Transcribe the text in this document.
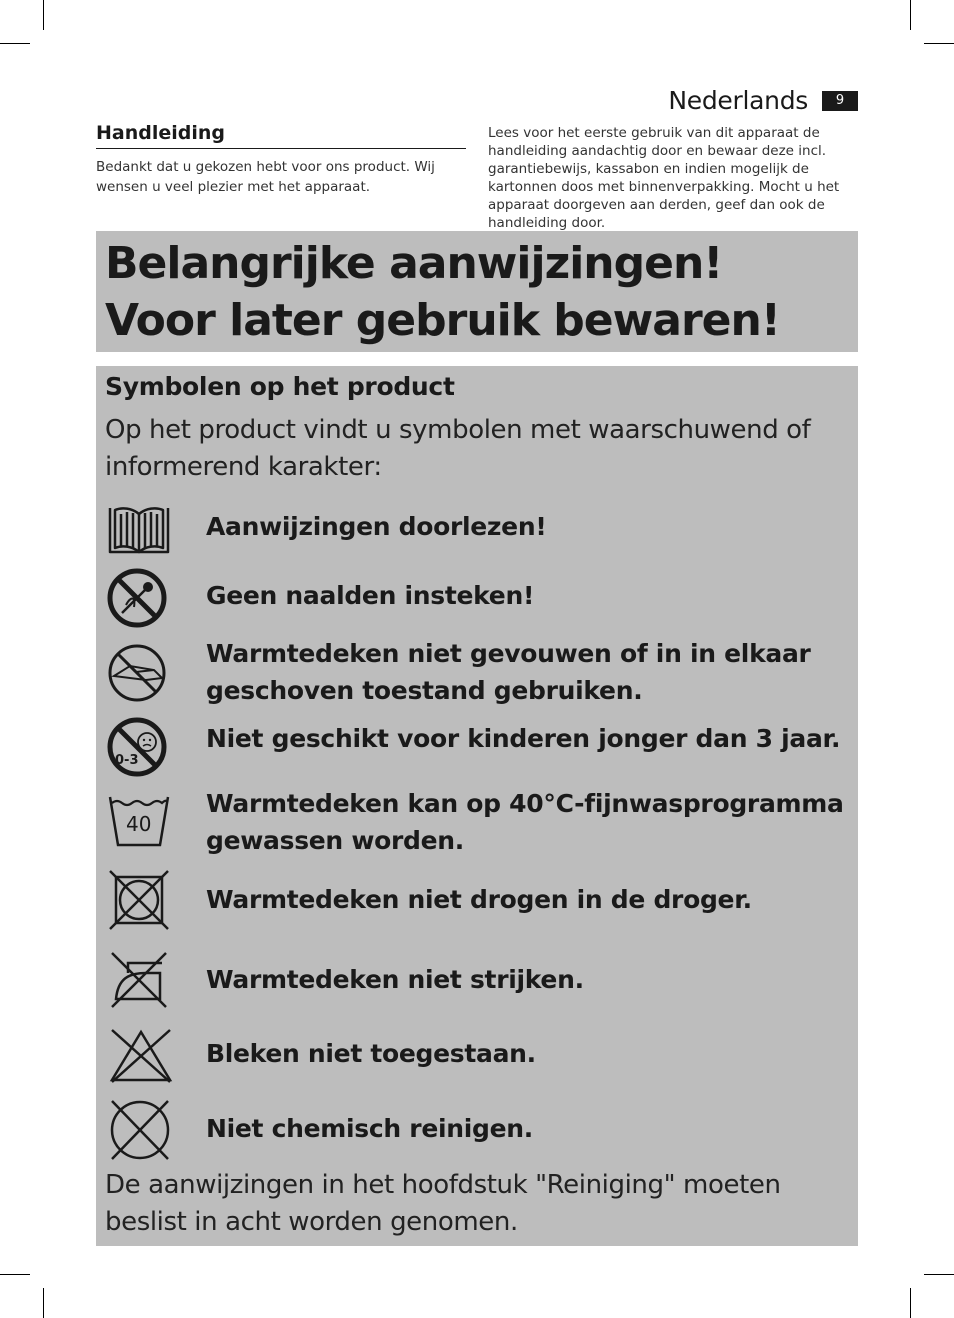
Nederlands	9
Handleiding
Bedankt dat u gekozen hebt voor ons product. Wij wensen u veel plezier met het apparaat.
Lees voor het eerste gebruik van dit apparaat de handleiding aandachtig door en bewaar deze incl. garantiebewijs, kassabon en indien mogelijk de kartonnen doos met binnenverpakking. Mocht u het apparaat doorgeven aan derden, geef dan ook de handleiding door.
Belangrijke aanwijzingen!
Voor later gebruik bewaren!
Symbolen op het product
Op het product vindt u symbolen met waarschuwend of informerend karakter:
Aanwijzingen doorlezen!
Geen naalden insteken!
Warmtedeken niet gevouwen of in in elkaar geschoven toestand gebruiken.
0-3
Niet geschikt voor kinderen jonger dan 3 jaar.
40
Warmtedeken kan op 40°C-fijnwasprogramma gewassen worden.
Warmtedeken niet drogen in de droger.
Warmtedeken niet strijken.
Bleken niet toegestaan.
Niet chemisch reinigen.
De aanwijzingen in het hoofdstuk "Reiniging" moeten beslist in acht worden genomen.
